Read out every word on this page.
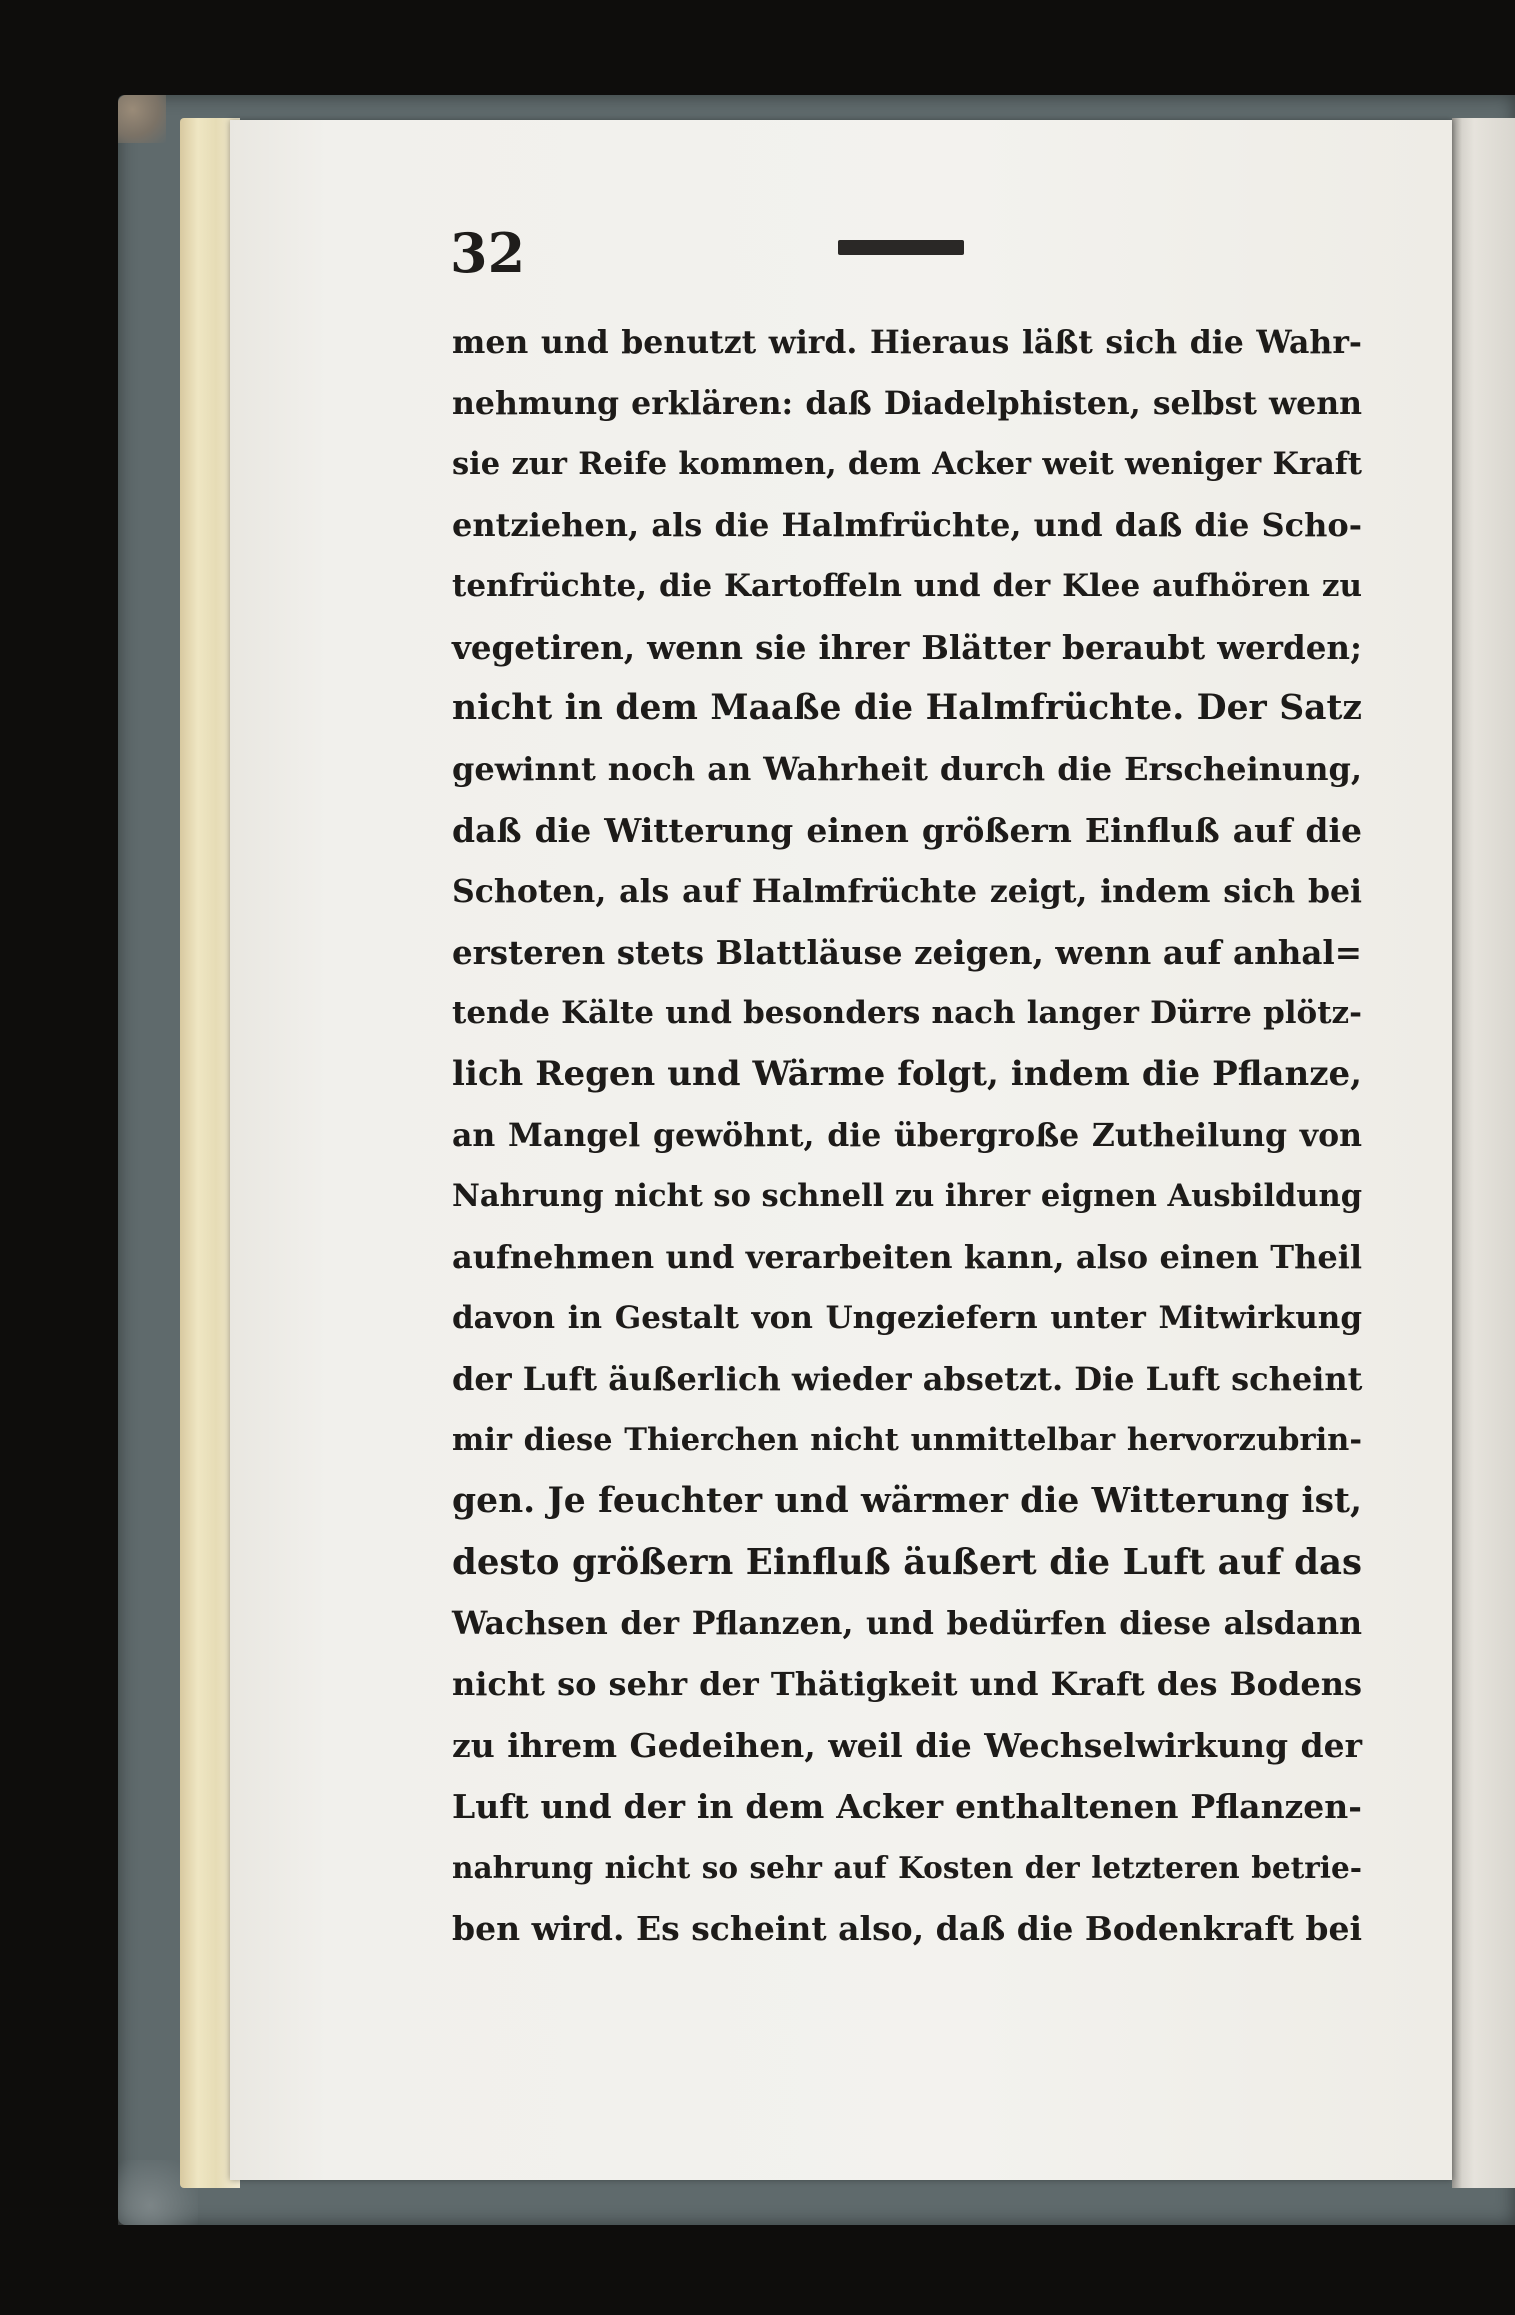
32
men und benutzt wird. Hieraus läßt sich die Wahr-
nehmung erklären: daß Diadelphisten, selbst wenn
sie zur Reife kommen, dem Acker weit weniger Kraft
entziehen, als die Halmfrüchte, und daß die Scho-
tenfrüchte, die Kartoffeln und der Klee aufhören zu
vegetiren, wenn sie ihrer Blätter beraubt werden;
nicht in dem Maaße die Halmfrüchte. Der Satz
gewinnt noch an Wahrheit durch die Erscheinung,
daß die Witterung einen größern Einfluß auf die
Schoten, als auf Halmfrüchte zeigt, indem sich bei
ersteren stets Blattläuse zeigen, wenn auf anhal=
tende Kälte und besonders nach langer Dürre plötz-
lich Regen und Wärme folgt, indem die Pflanze,
an Mangel gewöhnt, die übergroße Zutheilung von
Nahrung nicht so schnell zu ihrer eignen Ausbildung
aufnehmen und verarbeiten kann, also einen Theil
davon in Gestalt von Ungeziefern unter Mitwirkung
der Luft äußerlich wieder absetzt. Die Luft scheint
mir diese Thierchen nicht unmittelbar hervorzubrin-
gen. Je feuchter und wärmer die Witterung ist,
desto größern Einfluß äußert die Luft auf das
Wachsen der Pflanzen, und bedürfen diese alsdann
nicht so sehr der Thätigkeit und Kraft des Bodens
zu ihrem Gedeihen, weil die Wechselwirkung der
Luft und der in dem Acker enthaltenen Pflanzen-
nahrung nicht so sehr auf Kosten der letzteren betrie-
ben wird. Es scheint also, daß die Bodenkraft bei
